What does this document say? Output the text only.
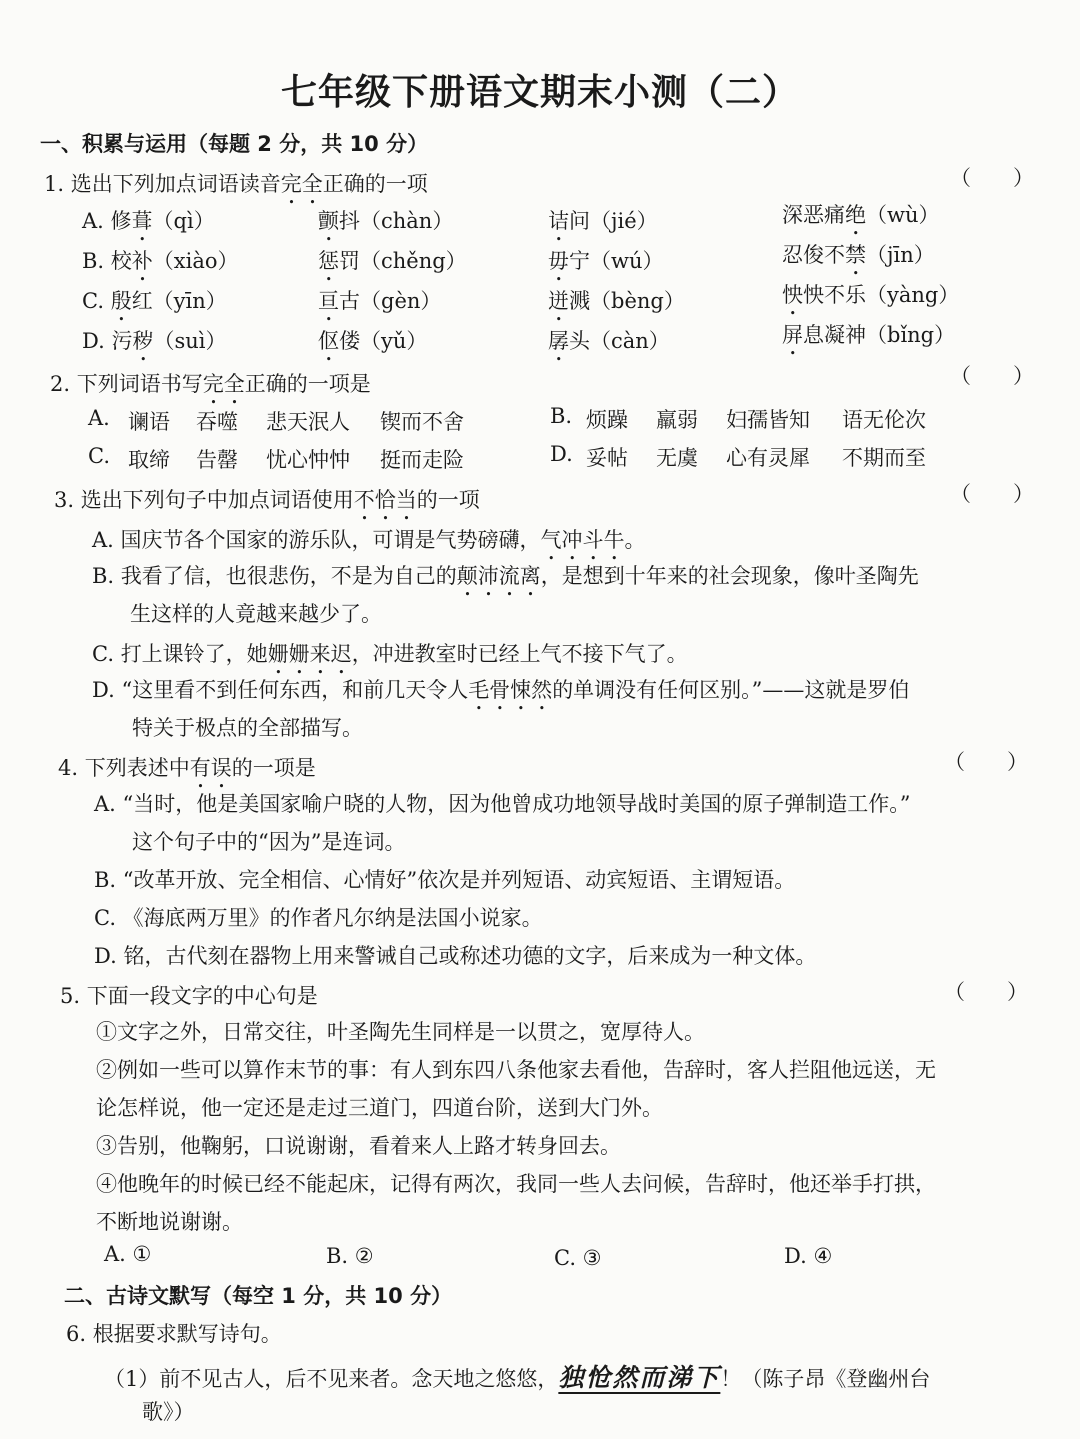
七年级下册语文期末小测（二）
一、积累与运用（每题 2 分，共 10 分）
1. 选出下列加点词语读音完全正确的一项	（　　）
A. 修葺（qì）	颤抖（chàn）	诘问（jié）	深恶痛绝（wù）
B. 校补（xiào）	惩罚（chěng）	毋宁（wú）	忍俊不禁（jīn）
C. 殷红（yīn）	亘古（gèn）	迸溅（bèng）	怏怏不乐（yàng）
D. 污秽（suì）	伛偻（yǔ）	孱头（càn）	屏息凝神（bǐng）
2. 下列词语书写完全正确的一项是	（　　）
A. 谰语 吞噬 悲天泯人 锲而不舍	B. 烦躁 羸弱 妇孺皆知 语无伦次
C. 取缔 告罄 忧心忡忡 挺而走险	D. 妥帖 无虞 心有灵犀 不期而至
3. 选出下列句子中加点词语使用不恰当的一项	（　　）
A. 国庆节各个国家的游乐队，可谓是气势磅礴，气冲斗牛。
B. 我看了信，也很悲伤，不是为自己的颠沛流离，是想到十年来的社会现象，像叶圣陶先
生这样的人竟越来越少了。
C. 打上课铃了，她姗姗来迟，冲进教室时已经上气不接下气了。
D. “这里看不到任何东西，和前几天令人毛骨悚然的单调没有任何区别。”——这就是罗伯
特关于极点的全部描写。
4. 下列表述中有误的一项是	（　　）
A. “当时，他是美国家喻户晓的人物，因为他曾成功地领导战时美国的原子弹制造工作。”
这个句子中的“因为”是连词。
B. “改革开放、完全相信、心情好”依次是并列短语、动宾短语、主谓短语。
C. 《海底两万里》的作者凡尔纳是法国小说家。
D. 铭，古代刻在器物上用来警诫自己或称述功德的文字，后来成为一种文体。
5. 下面一段文字的中心句是	（　　）
①文字之外，日常交往，叶圣陶先生同样是一以贯之，宽厚待人。
②例如一些可以算作末节的事：有人到东四八条他家去看他，告辞时，客人拦阻他远送，无
论怎样说，他一定还是走过三道门，四道台阶，送到大门外。
③告别，他鞠躬，口说谢谢，看着来人上路才转身回去。
④他晚年的时候已经不能起床，记得有两次，我同一些人去问候，告辞时，他还举手打拱，
不断地说谢谢。
A. ①	B. ②	C. ③	D. ④
二、古诗文默写（每空 1 分，共 10 分）
6. 根据要求默写诗句。
（1）前不见古人，后不见来者。念天地之悠悠，独怆然而涕下！（陈子昂《登幽州台
歌》）
